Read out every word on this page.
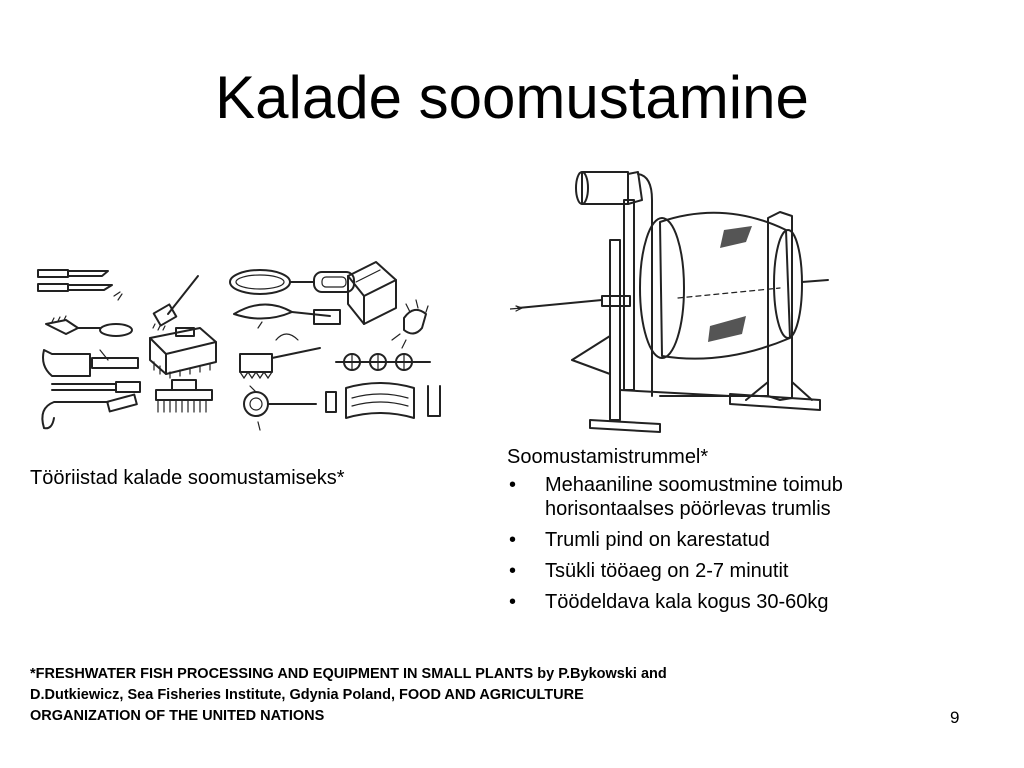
Kalade soomustamine
Tööriistad kalade soomustamiseks*
Soomustamistrummel*
• Mehaaniline soomustmine toimub horisontaalses pöörlevas trumlis
• Trumli pind on karestatud
• Tsükli tööaeg on 2-7 minutit
• Töödeldava kala kogus 30-60kg
*FRESHWATER FISH PROCESSING AND EQUIPMENT IN SMALL PLANTS by P.Bykowski and
D.Dutkiewicz, Sea Fisheries Institute, Gdynia Poland, FOOD AND AGRICULTURE
ORGANIZATION OF THE UNITED NATIONS	9
